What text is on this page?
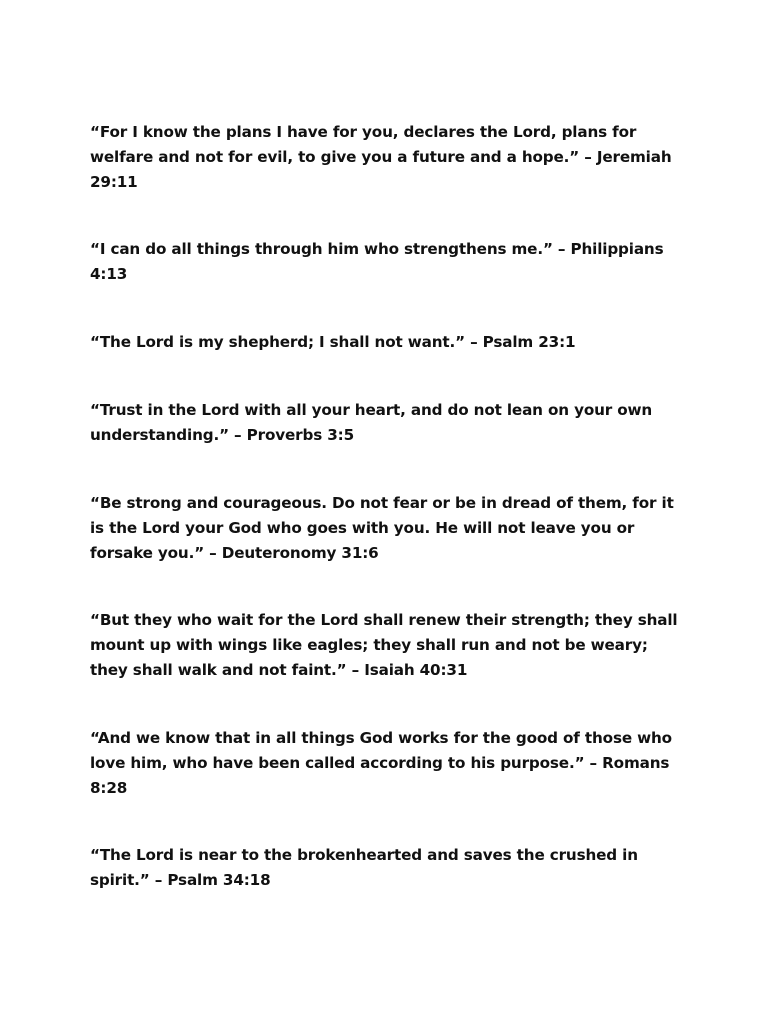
“For I know the plans I have for you, declares the Lord, plans for welfare and not for evil, to give you a future and a hope.” – Jeremiah 29:11

“I can do all things through him who strengthens me.” – Philippians 4:13

“The Lord is my shepherd; I shall not want.” – Psalm 23:1

“Trust in the Lord with all your heart, and do not lean on your own understanding.” – Proverbs 3:5

“Be strong and courageous. Do not fear or be in dread of them, for it is the Lord your God who goes with you. He will not leave you or forsake you.” – Deuteronomy 31:6

“But they who wait for the Lord shall renew their strength; they shall mount up with wings like eagles; they shall run and not be weary; they shall walk and not faint.” – Isaiah 40:31

“And we know that in all things God works for the good of those who love him, who have been called according to his purpose.” – Romans 8:28

“The Lord is near to the brokenhearted and saves the crushed in spirit.” – Psalm 34:18
